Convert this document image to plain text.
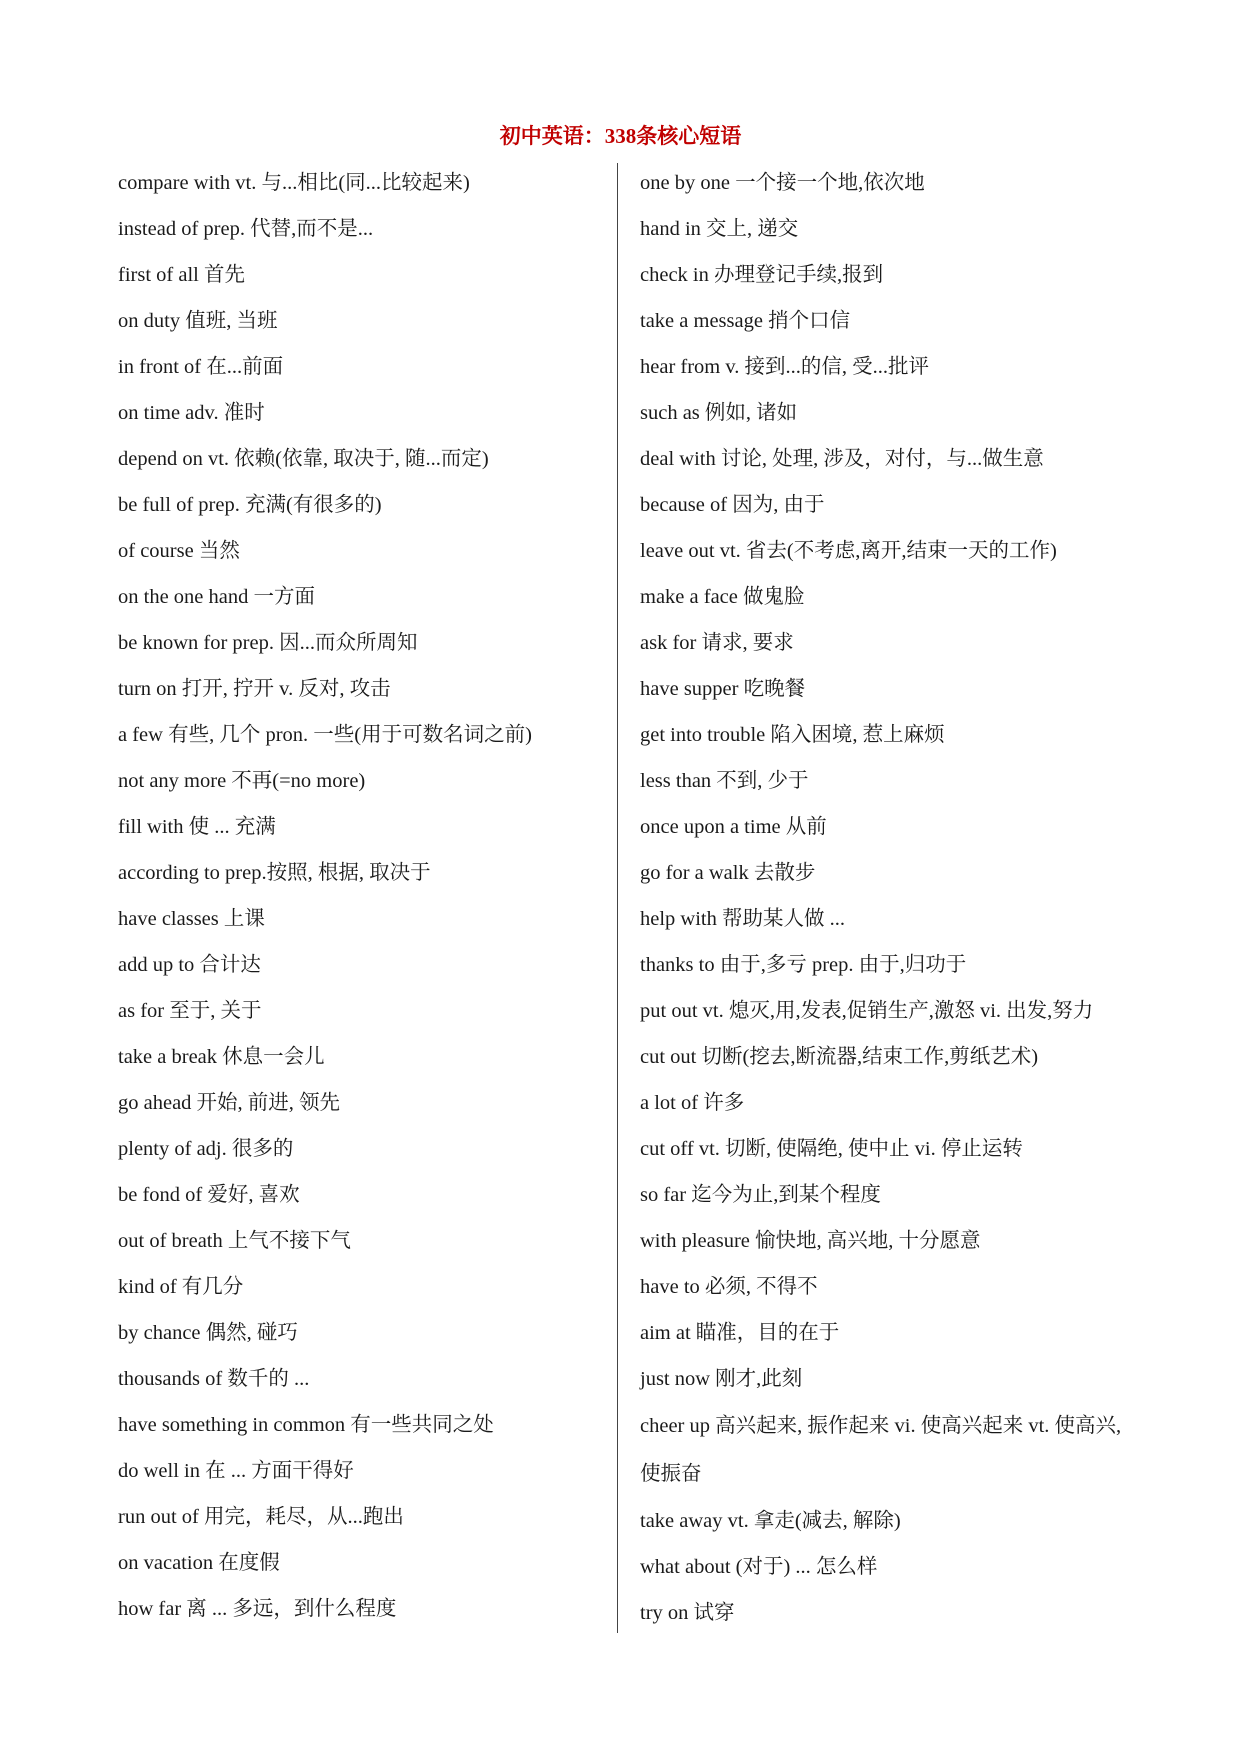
初中英语：338条核心短语

compare with vt. 与...相比(同...比较起来)

instead of prep. 代替,而不是...

first of all 首先

on duty 值班, 当班

in front of 在...前面

on time adv. 准时

depend on vt. 依赖(依靠, 取决于, 随...而定)

be full of prep. 充满(有很多的)

of course 当然

on the one hand 一方面

be known for prep. 因...而众所周知

turn on 打开, 拧开 v. 反对, 攻击

a few 有些, 几个 pron. 一些(用于可数名词之前)

not any more 不再(=no more)

fill with 使 ... 充满

according to prep.按照, 根据, 取决于

have classes 上课

add up to 合计达

as for 至于, 关于

take a break 休息一会儿

go ahead 开始, 前进, 领先

plenty of adj. 很多的

be fond of 爱好, 喜欢

out of breath 上气不接下气

kind of 有几分

by chance 偶然, 碰巧

thousands of 数千的 ...

have something in common 有一些共同之处

do well in 在 ... 方面干得好

run out of 用完，耗尽，从...跑出

on vacation 在度假

how far 离 ... 多远，到什么程度

one by one 一个接一个地,依次地

hand in 交上, 递交

check in 办理登记手续,报到

take a message 捎个口信

hear from v. 接到...的信, 受...批评

such as 例如, 诸如

deal with 讨论, 处理, 涉及，对付，与...做生意

because of 因为, 由于

leave out vt. 省去(不考虑,离开,结束一天的工作)

make a face 做鬼脸

ask for 请求, 要求

have supper 吃晚餐

get into trouble 陷入困境, 惹上麻烦

less than 不到, 少于

once upon a time 从前

go for a walk 去散步

help with 帮助某人做 ...

thanks to 由于,多亏 prep. 由于,归功于

put out vt. 熄灭,用,发表,促销生产,激怒 vi. 出发,努力

cut out 切断(挖去,断流器,结束工作,剪纸艺术)

a lot of 许多

cut off vt. 切断, 使隔绝, 使中止 vi. 停止运转

so far 迄今为止,到某个程度

with pleasure 愉快地, 高兴地, 十分愿意

have to 必须, 不得不

aim at 瞄准，目的在于

just now 刚才,此刻

cheer up 高兴起来, 振作起来 vi. 使高兴起来 vt. 使高兴, 使振奋

take away vt. 拿走(减去, 解除)

what about (对于) ... 怎么样

try on 试穿
